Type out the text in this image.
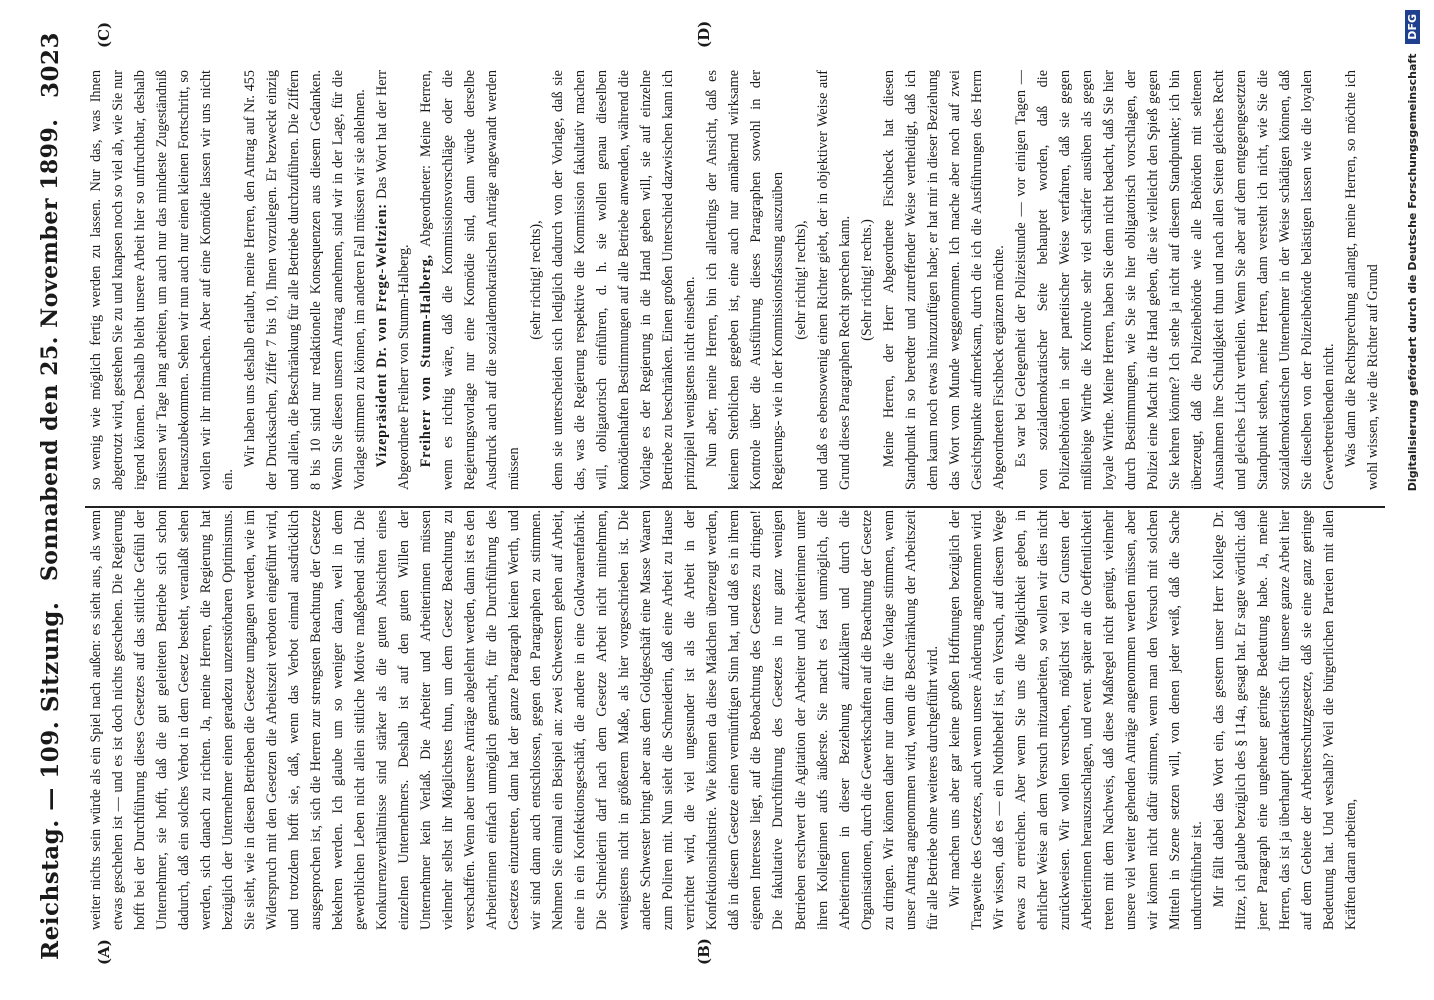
Reichstag. — 109. Sitzung.
Sonnabend den 25. November 1899.
3023
(A)	(B)
(C)	(D)

weiter nichts sein würde als ein Spiel nach außen: es sieht aus, als wenn etwas geschehen ist — und es ist doch nichts geschehen. Die Regierung hofft bei der Durchführung dieses Gesetzes auf das sittliche Gefühl der Unternehmer, sie hofft, daß die gut geleiteten Betriebe sich schon dadurch, daß ein solches Verbot in dem Gesetz besteht, veranlaßt sehen werden, sich danach zu richten. Ja, meine Herren, die Regierung hat bezüglich der Unternehmer einen geradezu unzerstörbaren Optimismus. Sie sieht, wie in diesen Betrieben die Gesetze umgangen werden, wie im Widerspruch mit den Gesetzen die Arbeitszeit verboten eingeführt wird, und trotzdem hofft sie, daß, wenn das Verbot einmal ausdrücklich ausgesprochen ist, sich die Herren zur strengsten Beachtung der Gesetze bekehren werden. Ich glaube um so weniger daran, weil in dem gewerblichen Leben nicht allein sittliche Motive maßgebend sind. Die Konkurrenzverhältnisse sind stärker als die guten Absichten eines einzelnen Unternehmers. Deshalb ist auf den guten Willen der Unternehmer kein Verlaß. Die Arbeiter und Arbeiterinnen müssen vielmehr selbst ihr Möglichstes thun, um dem Gesetz Beachtung zu verschaffen. Wenn aber unsere Anträge abgelehnt werden, dann ist es den Arbeiterinnen einfach unmöglich gemacht, für die Durchführung des Gesetzes einzutreten, dann hat der ganze Paragraph keinen Werth, und wir sind dann auch entschlossen, gegen den Paragraphen zu stimmen. Nehmen Sie einmal ein Beispiel an: zwei Schwestern gehen auf Arbeit, eine in ein Konfektionsgeschäft, die andere in eine Goldwaarenfabrik. Die Schneiderin darf nach dem Gesetze Arbeit nicht mitnehmen, wenigstens nicht in größerem Maße, als hier vorgeschrieben ist. Die andere Schwester bringt aber aus dem Goldgeschäft eine Masse Waaren zum Poliren mit. Nun sieht die Schneiderin, daß eine Arbeit zu Hause verrichtet wird, die viel ungesunder ist als die Arbeit in der Konfektionsindustrie. Wie können da diese Mädchen überzeugt werden, daß in diesem Gesetze einen vernünftigen Sinn hat, und daß es in ihrem eigenen Interesse liegt, auf die Beobachtung des Gesetzes zu dringen! Die fakultative Durchführung des Gesetzes in nur ganz wenigen Betrieben erschwert die Agitation der Arbeiter und Arbeiterinnen unter ihren Kolleginnen aufs äußerste. Sie macht es fast unmöglich, die Arbeiterinnen in dieser Beziehung aufzuklären und durch die Organisationen, durch die Gewerkschaften auf die Beachtung der Gesetze zu dringen. Wir können daher nur dann für die Vorlage stimmen, wenn unser Antrag angenommen wird, wenn die Beschränkung der Arbeitszeit für alle Betriebe ohne weiteres durchgeführt wird. Wir machen uns aber gar keine großen Hoffnungen bezüglich der Tragweite des Gesetzes, auch wenn unsere Änderung angenommen wird. Wir wissen, daß es — ein Nothbehelf ist, ein Versuch, auf diesem Wege etwas zu erreichen. Aber wenn Sie uns die Möglichkeit geben, in ehrlicher Weise an dem Versuch mitzuarbeiten, so wollen wir dies nicht zurückweisen. Wir wollen versuchen, möglichst viel zu Gunsten der Arbeiterinnen herauszuschlagen, und event. später an die Oeffentlichkeit treten mit dem Nachweis, daß diese Maßregel nicht genügt, vielmehr unsere viel weiter gehenden Anträge angenommen werden müssen, aber wir können nicht dafür stimmen, wenn man den Versuch mit solchen Mitteln in Szene setzen will, von denen jeder weiß, daß die Sache undurchführbar ist. Mir fällt dabei das Wort ein, das gestern unser Herr Kollege Dr. Hitze, ich glaube bezüglich des § 114a, gesagt hat. Er sagte wörtlich: daß jener Paragraph eine ungeheuer geringe Bedeutung habe. Ja, meine Herren, das ist ja überhaupt charakteristisch für unsere ganze Arbeit hier auf dem Gebiete der Arbeiterschutzgesetze, daß sie eine ganz geringe Bedeutung hat. Und weshalb? Weil die bürgerlichen Parteien mit allen Kräften daran arbeiten,

so wenig wie möglich fertig werden zu lassen. Nur das, was Ihnen abgetrotzt wird, gestehen Sie zu und knapsen noch so viel ab, wie Sie nur irgend können. Deshalb bleibt unsere Arbeit hier so unfruchtbar, deshalb müssen wir Tage lang arbeiten, um auch nur das mindeste Zugeständniß herauszubekommen. Sehen wir nun auch nur einen kleinen Fortschritt, so wollen wir ihr mitmachen. Aber auf eine Komödie lassen wir uns nicht ein.

Wir haben uns deshalb erlaubt, meine Herren, den Antrag auf Nr. 455 der Drucksachen, Ziffer 7 bis 10, Ihnen vorzulegen. Er bezweckt einzig und allein, die Beschränkung für alle Betriebe durchzuführen. Die Ziffern 8 bis 10 sind nur redaktionelle Konsequenzen aus diesem Gedanken. Wenn Sie diesen unsern Antrag annehmen, sind wir in der Lage, für die Vorlage stimmen zu können, im anderen Fall müssen wir sie ablehnen. Vizepräsident Dr. von Frege-Weltzien: Das Wort hat der Herr Abgeordnete Freiherr von Stumm-Halberg. Freiherr von Stumm-Halberg, Abgeordneter: Meine Herren, wenn es richtig wäre, daß die Kommissionsvorschläge oder die Regierungsvorlage nur eine Komödie sind, dann würde derselbe Ausdruck auch auf die sozialdemokratischen Anträge angewandt werden müssen

(sehr richtig! rechts), denn sie unterscheiden sich lediglich dadurch von der Vorlage, daß sie das, was die Regierung respektive die Kommission fakultativ machen will, obligatorisch einführen, d. h. sie wollen genau dieselben komödienhaften Bestimmungen auf alle Betriebe anwenden, während die Vorlage es der Regierung in die Hand geben will, sie auf einzelne Betriebe zu beschränken. Einen großen Unterschied dazwischen kann ich prinzipiell wenigstens nicht einsehen. Nun aber, meine Herren, bin ich allerdings der Ansicht, daß es keinem Sterblichen gegeben ist, eine auch nur annähernd wirksame Kontrole über die Ausführung dieses Paragraphen sowohl in der Regierungs- wie in der Kommissionsfassung auszuüben (sehr richtig! rechts), und daß es ebensowenig einen Richter giebt, der in objektiver Weise auf Grund dieses Paragraphen Recht sprechen kann. (Sehr richtig! rechts.) Meine Herren, der Herr Abgeordnete Fischbeck hat diesen Standpunkt in so beredter und zutreffender Weise vertheidigt, daß ich dem kaum noch etwas hinzuzufügen habe; er hat mir in dieser Beziehung das Wort vom Munde weggenommen. Ich mache aber noch auf zwei Gesichtspunkte aufmerksam, durch die ich die Ausführungen des Herrn Abgeordneten Fischbeck ergänzen möchte. Es war bei Gelegenheit der Polizeistunde — vor einigen Tagen — von sozialdemokratischer Seite behauptet worden, daß die Polizeibehörden in sehr parteiischer Weise verfahren, daß sie gegen mißliebige Wirthe die Kontrole sehr viel schärfer ausüben als gegen loyale Wirthe. Meine Herren, haben Sie denn nicht bedacht, daß Sie hier durch Bestimmungen, wie Sie sie hier obligatorisch vorschlagen, der Polizei eine Macht in die Hand geben, die sie vielleicht den Spieß gegen Sie kehren könnte? Ich stehe ja nicht auf diesem Standpunkte; ich bin überzeugt, daß die Polizeibehörde wie alle Behörden mit seltenen Ausnahmen ihre Schuldigkeit thun und nach allen Seiten gleiches Recht und gleiches Licht vertheilen. Wenn Sie aber auf dem entgegengesetzten Standpunkt stehen, meine Herren, dann versteht ich nicht, wie Sie die sozialdemokratischen Unternehmer in der Weise schädigen können, daß Sie dieselben von der Polizeibehörde belästigen lassen wie die loyalen Gewerbetreibenden nicht. Was dann die Rechtsprechung anlangt, meine Herren, so möchte ich wohl wissen, wie die Richter auf Grund Digitalisierung gefördert durch die Deutsche Forschungsgemeinschaft DFG
